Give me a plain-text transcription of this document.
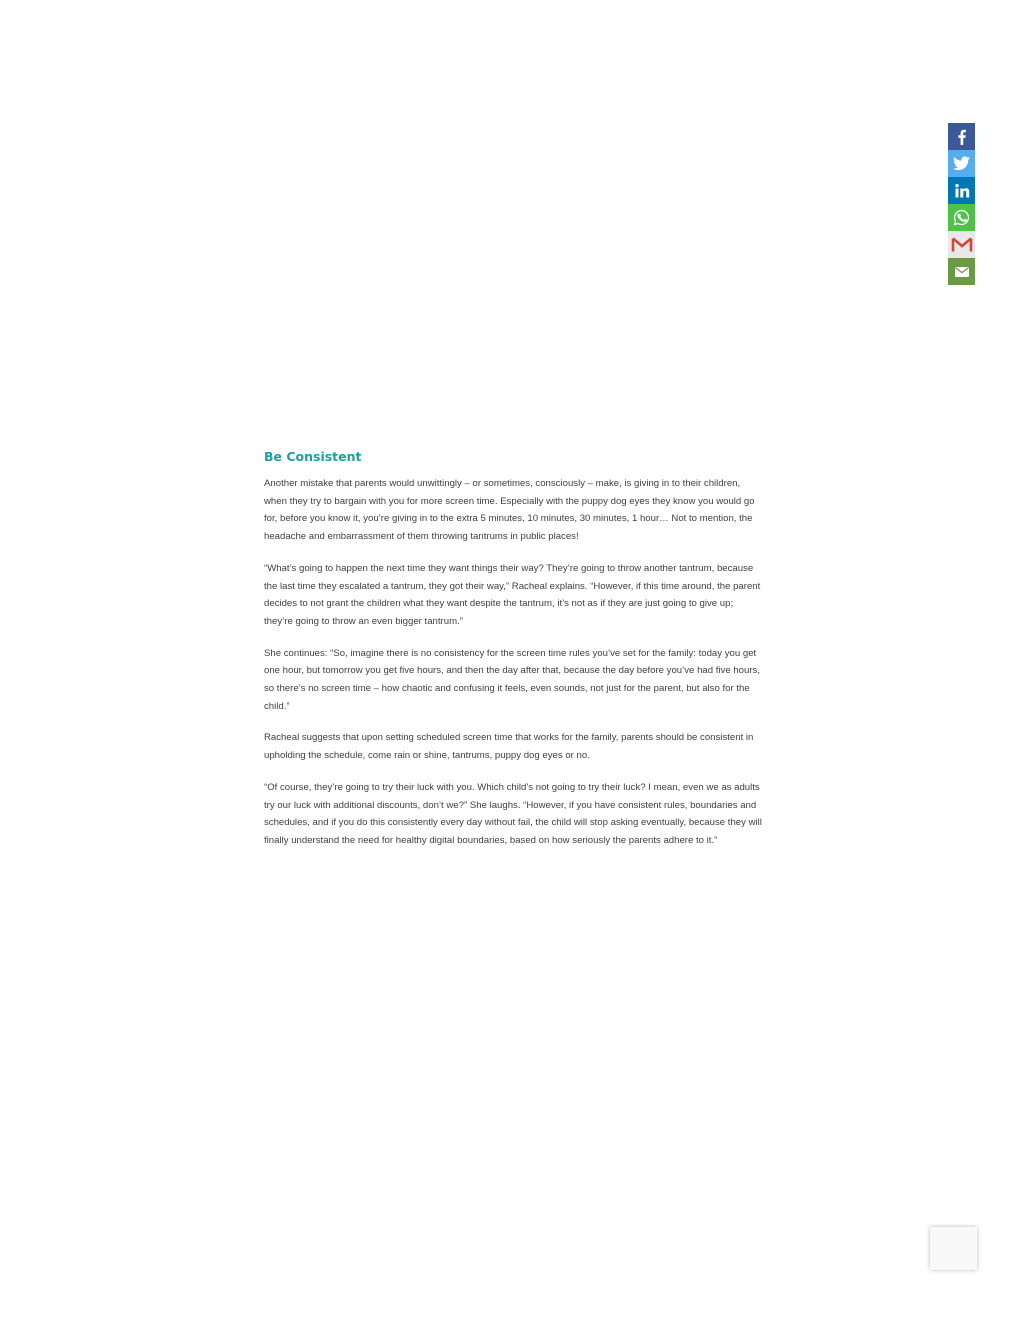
Be Consistent

Another mistake that parents would unwittingly – or sometimes, consciously – make, is giving in to their children, when they try to bargain with you for more screen time. Especially with the puppy dog eyes they know you would go for, before you know it, you’re giving in to the extra 5 minutes, 10 minutes, 30 minutes, 1 hour… Not to mention, the headache and embarrassment of them throwing tantrums in public places!

“What’s going to happen the next time they want things their way? They’re going to throw another tantrum, because the last time they escalated a tantrum, they got their way,” Racheal explains. “However, if this time around, the parent decides to not grant the children what they want despite the tantrum, it’s not as if they are just going to give up; they’re going to throw an even bigger tantrum.”

She continues: “So, imagine there is no consistency for the screen time rules you’ve set for the family: today you get one hour, but tomorrow you get five hours, and then the day after that, because the day before you’ve had five hours, so there’s no screen time – how chaotic and confusing it feels, even sounds, not just for the parent, but also for the child.”

Racheal suggests that upon setting scheduled screen time that works for the family, parents should be consistent in upholding the schedule, come rain or shine, tantrums, puppy dog eyes or no.

“Of course, they’re going to try their luck with you. Which child’s not going to try their luck? I mean, even we as adults try our luck with additional discounts, don’t we?” She laughs. “However, if you have consistent rules, boundaries and schedules, and if you do this consistently every day without fail, the child will stop asking eventually, because they will finally understand the need for healthy digital boundaries, based on how seriously the parents adhere to it.”
